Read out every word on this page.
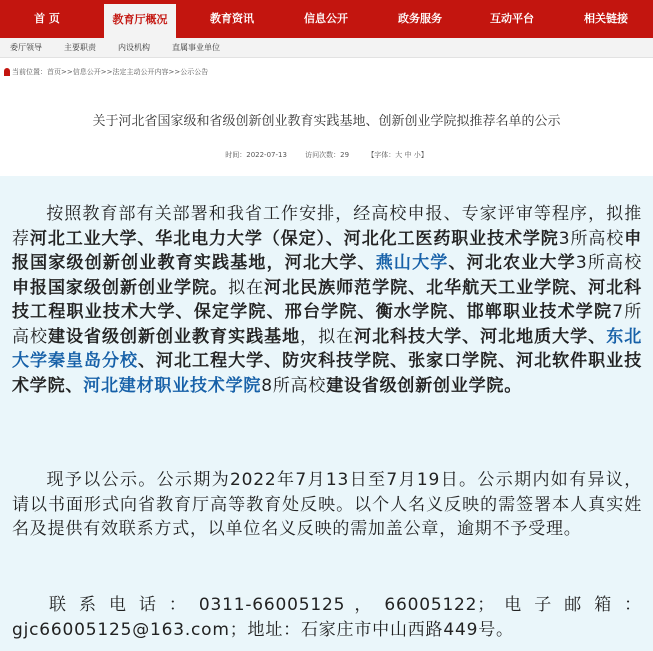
首 页	教育厅概况	教育资讯	信息公开	政务服务	互动平台	相关链接
委厅领导	主要职责	内设机构	直属事业单位
当前位置：首页>>信息公开>>法定主动公开内容>>公示公告
关于河北省国家级和省级创新创业教育实践基地、创新创业学院拟推荐名单的公示
时间：2022-07-13	访问次数：29	【字体：大 中 小】

按照教育部有关部署和我省工作安排，经高校申报、专家评审等程序，拟推荐河北工业大学、华北电力大学（保定）、河北化工医药职业技术学院3所高校申报国家级创新创业教育实践基地，河北大学、燕山大学、河北农业大学3所高校申报国家级创新创业学院。拟在河北民族师范学院、北华航天工业学院、河北科技工程职业技术大学、保定学院、邢台学院、衡水学院、邯郸职业技术学院7所高校建设省级创新创业教育实践基地，拟在河北科技大学、河北地质大学、东北大学秦皇岛分校、河北工程大学、防灾科技学院、张家口学院、河北软件职业技术学院、河北建材职业技术学院8所高校建设省级创新创业学院。

现予以公示。公示期为2022年7月13日至7月19日。公示期内如有异议，请以书面形式向省教育厅高等教育处反映。以个人名义反映的需签署本人真实姓名及提供有效联系方式，以单位名义反映的需加盖公章，逾期不予受理。

联 系 电 话 ： 0311-66005125 ， 66005122； 电 子 邮 箱 ： gjc66005125@163.com；地址：石家庄市中山西路449号。
